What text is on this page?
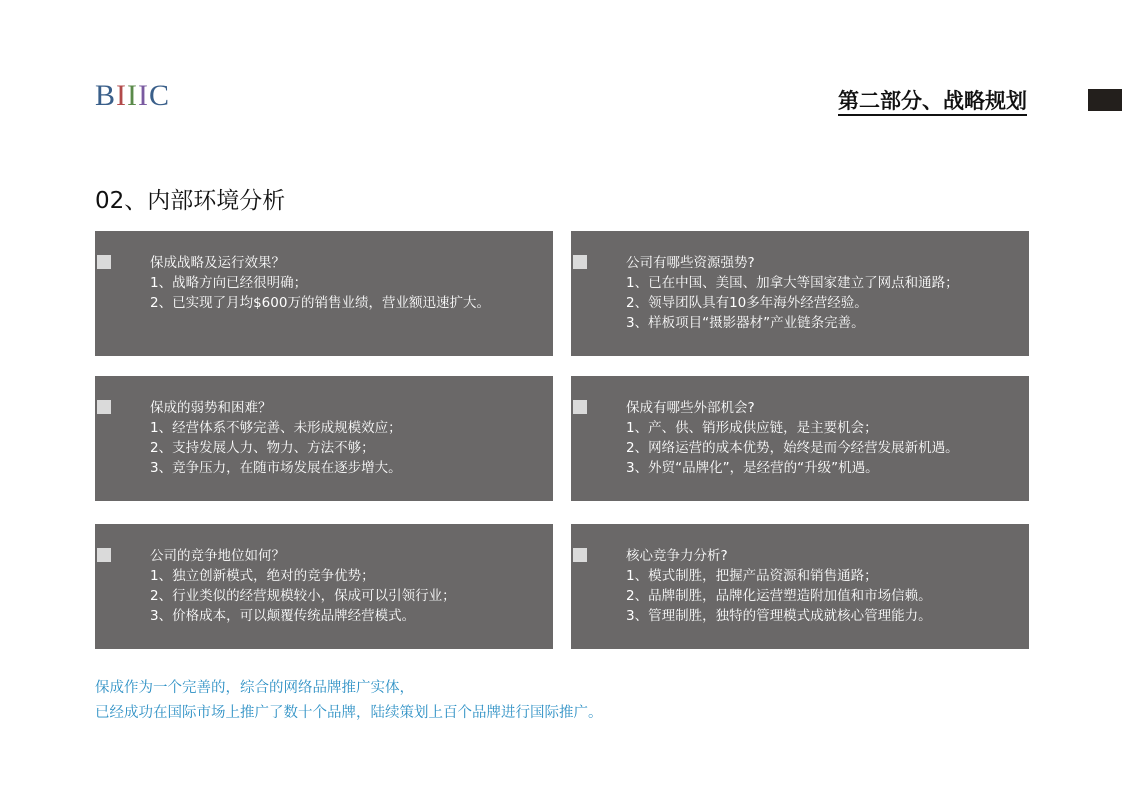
BIIIC	第二部分、战略规划
02、内部环境分析
保成战略及运行效果？
1、战略方向已经很明确；
2、已实现了月均$600万的销售业绩，营业额迅速扩大。
公司有哪些资源强势?
1、已在中国、美国、加拿大等国家建立了网点和通路；
2、领导团队具有10多年海外经营经验。
3、样板项目“摄影器材”产业链条完善。
保成的弱势和困难？
1、经营体系不够完善、未形成规模效应；
2、支持发展人力、物力、方法不够；
3、竞争压力，在随市场发展在逐步增大。
保成有哪些外部机会?
1、产、供、销形成供应链，是主要机会；
2、网络运营的成本优势，始终是而今经营发展新机遇。
3、外贸“品牌化”，是经营的“升级”机遇。
公司的竞争地位如何？
1、独立创新模式，绝对的竞争优势；
2、行业类似的经营规模较小，保成可以引领行业；
3、价格成本，可以颠覆传统品牌经营模式。
核心竞争力分析?
1、模式制胜，把握产品资源和销售通路；
2、品牌制胜，品牌化运营塑造附加值和市场信赖。
3、管理制胜，独特的管理模式成就核心管理能力。
保成作为一个完善的，综合的网络品牌推广实体，
已经成功在国际市场上推广了数十个品牌，陆续策划上百个品牌进行国际推广。
